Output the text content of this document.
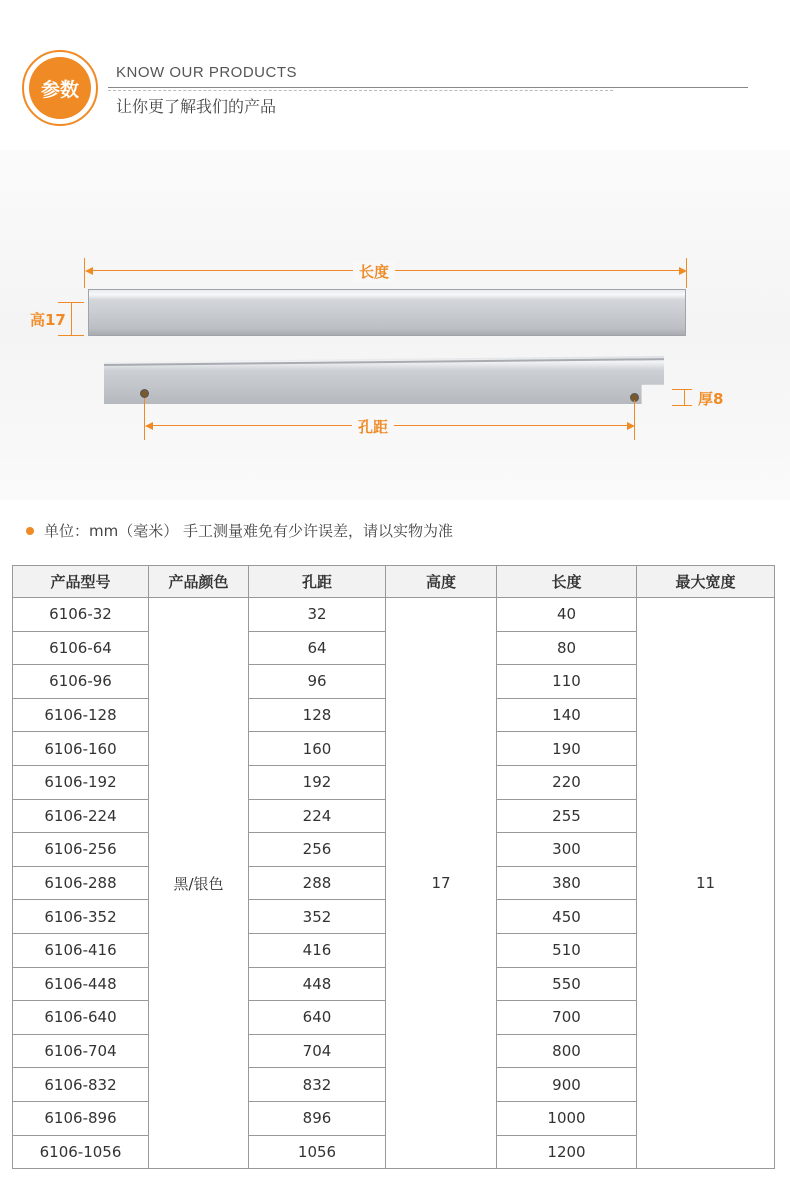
参数
KNOW OUR PRODUCTS
让你更了解我们的产品
长度
高17
厚8
孔距
单位：mm（毫米） 手工测量难免有少许误差，请以实物为准
产品型号	产品颜色	孔距	高度	长度	最大宽度
6106-32	黑/银色	32	17	40	11
6106-64		64		80	
6106-96		96		110	
6106-128		128		140	
6106-160		160		190	
6106-192		192		220	
6106-224		224		255	
6106-256		256		300	
6106-288		288		380	
6106-352		352		450	
6106-416		416		510	
6106-448		448		550	
6106-640		640		700	
6106-704		704		800	
6106-832		832		900	
6106-896		896		1000	
6106-1056		1056		1200	
